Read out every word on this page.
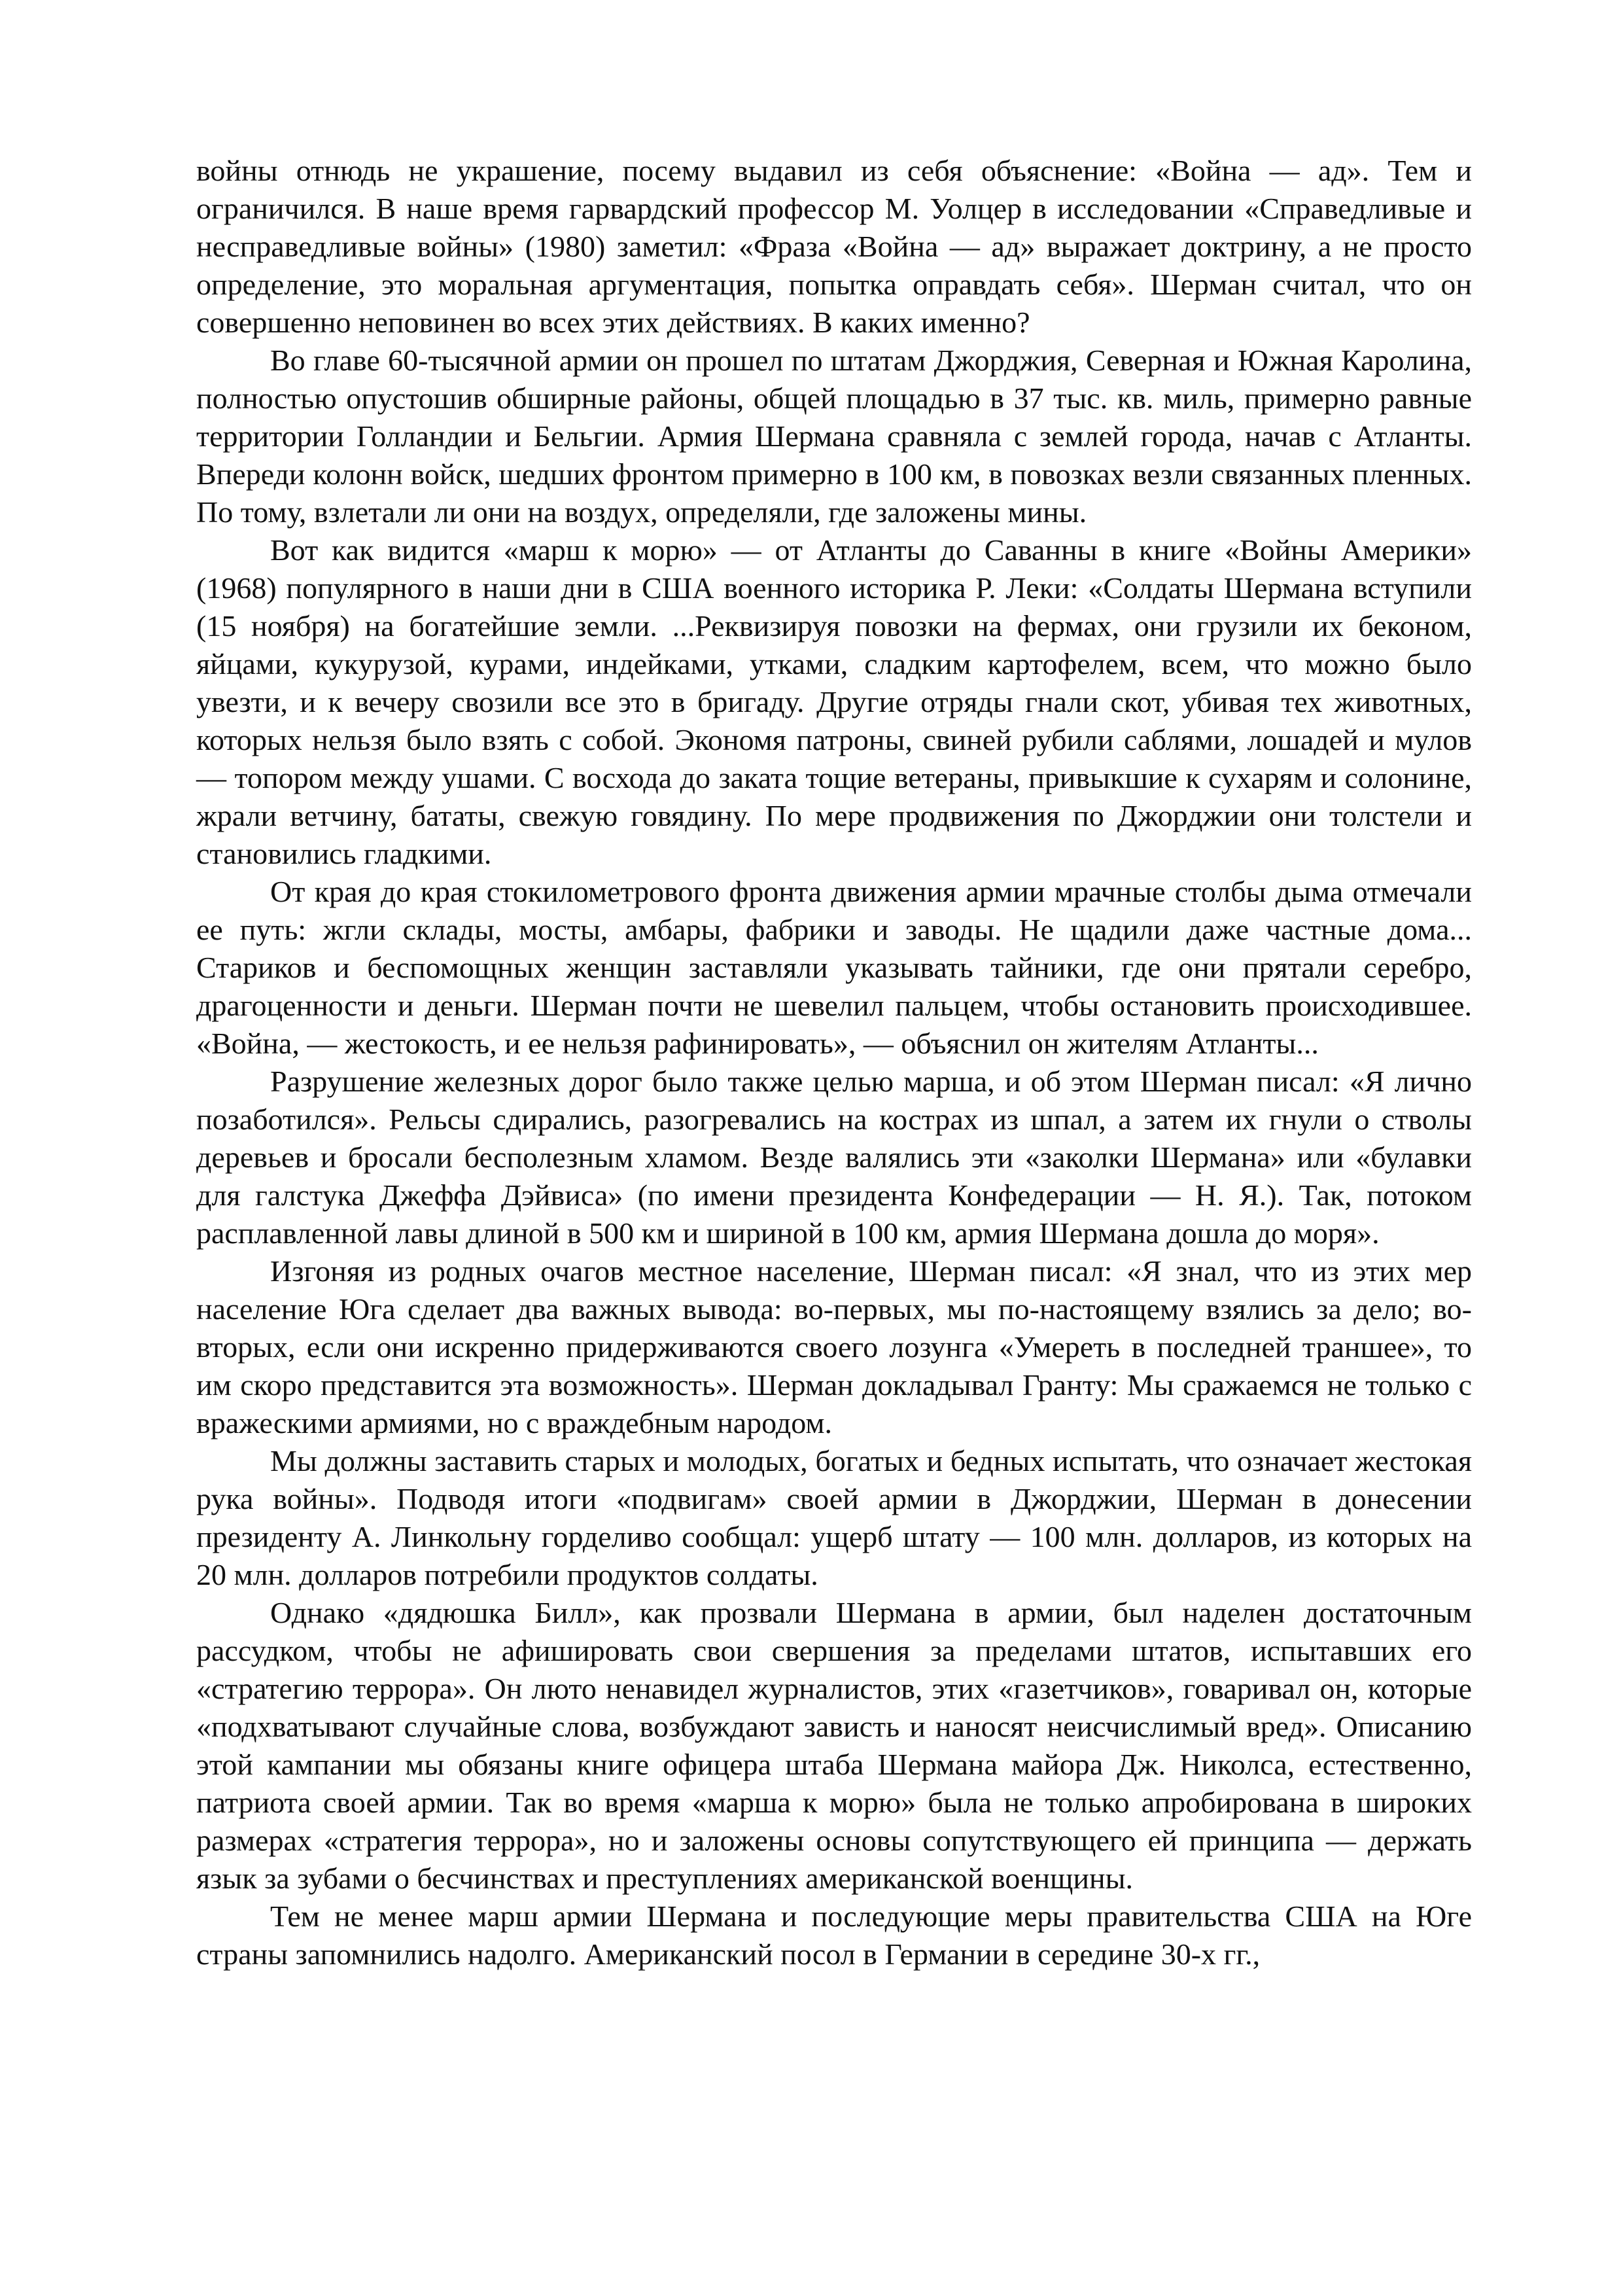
войны отнюдь не украшение, посему выдавил из себя объяснение: «Война — ад». Тем и ограничился. В наше время гарвардский профессор М. Уолцер в исследовании «Справедливые и несправедливые войны» (1980) заметил: «Фраза «Война — ад» выражает доктрину, а не просто определение, это моральная аргументация, попытка оправдать себя». Шерман считал, что он совершенно неповинен во всех этих действиях. В каких именно?

Во главе 60-тысячной армии он прошел по штатам Джорджия, Северная и Южная Каролина, полностью опустошив обширные районы, общей площадью в 37 тыс. кв. миль, примерно равные территории Голландии и Бельгии. Армия Шермана сравняла с землей города, начав с Атланты. Впереди колонн войск, шедших фронтом примерно в 100 км, в повозках везли связанных пленных. По тому, взлетали ли они на воздух, определяли, где заложены мины.

Вот как видится «марш к морю» — от Атланты до Саванны в книге «Войны Америки» (1968) популярного в наши дни в США военного историка Р. Леки: «Солдаты Шермана вступили (15 ноября) на богатейшие земли. ...Реквизируя повозки на фермах, они грузили их беконом, яйцами, кукурузой, курами, индейками, утками, сладким картофелем, всем, что можно было увезти, и к вечеру свозили все это в бригаду. Другие отряды гнали скот, убивая тех животных, которых нельзя было взять с собой. Экономя патроны, свиней рубили саблями, лошадей и мулов — топором между ушами. С восхода до заката тощие ветераны, привыкшие к сухарям и солонине, жрали ветчину, бататы, свежую говядину. По мере продвижения по Джорджии они толстели и становились гладкими.

От края до края стокилометрового фронта движения армии мрачные столбы дыма отмечали ее путь: жгли склады, мосты, амбары, фабрики и заводы. Не щадили даже частные дома... Стариков и беспомощных женщин заставляли указывать тайники, где они прятали серебро, драгоценности и деньги. Шерман почти не шевелил пальцем, чтобы остановить происходившее. «Война, — жестокость, и ее нельзя рафинировать», — объяснил он жителям Атланты...

Разрушение железных дорог было также целью марша, и об этом Шерман писал: «Я лично позаботился». Рельсы сдирались, разогревались на кострах из шпал, а затем их гнули о стволы деревьев и бросали бесполезным хламом. Везде валялись эти «заколки Шермана» или «булавки для галстука Джеффа Дэйвиса» (по имени президента Конфедерации — Н. Я.). Так, потоком расплавленной лавы длиной в 500 км и шириной в 100 км, армия Шермана дошла до моря».

Изгоняя из родных очагов местное население, Шерман писал: «Я знал, что из этих мер население Юга сделает два важных вывода: во-первых, мы по-настоящему взялись за дело; во-вторых, если они искренно придерживаются своего лозунга «Умереть в последней траншее», то им скоро представится эта возможность». Шерман докладывал Гранту: Мы сражаемся не только с вражескими армиями, но с враждебным народом.

Мы должны заставить старых и молодых, богатых и бедных испытать, что означает жестокая рука войны». Подводя итоги «подвигам» своей армии в Джорджии, Шерман в донесении президенту А. Линкольну горделиво сообщал: ущерб штату — 100 млн. долларов, из которых на 20 млн. долларов потребили продуктов солдаты.

Однако «дядюшка Билл», как прозвали Шермана в армии, был наделен достаточным рассудком, чтобы не афишировать свои свершения за пределами штатов, испытавших его «стратегию террора». Он люто ненавидел журналистов, этих «газетчиков», говаривал он, которые «подхватывают случайные слова, возбуждают зависть и наносят неисчислимый вред». Описанию этой кампании мы обязаны книге офицера штаба Шермана майора Дж. Николса, естественно, патриота своей армии. Так во время «марша к морю» была не только апробирована в широких размерах «стратегия террора», но и заложены основы сопутствующего ей принципа — держать язык за зубами о бесчинствах и преступлениях американской военщины.

Тем не менее марш армии Шермана и последующие меры правительства США на Юге страны запомнились надолго. Американский посол в Германии в середине 30-х гг.,
